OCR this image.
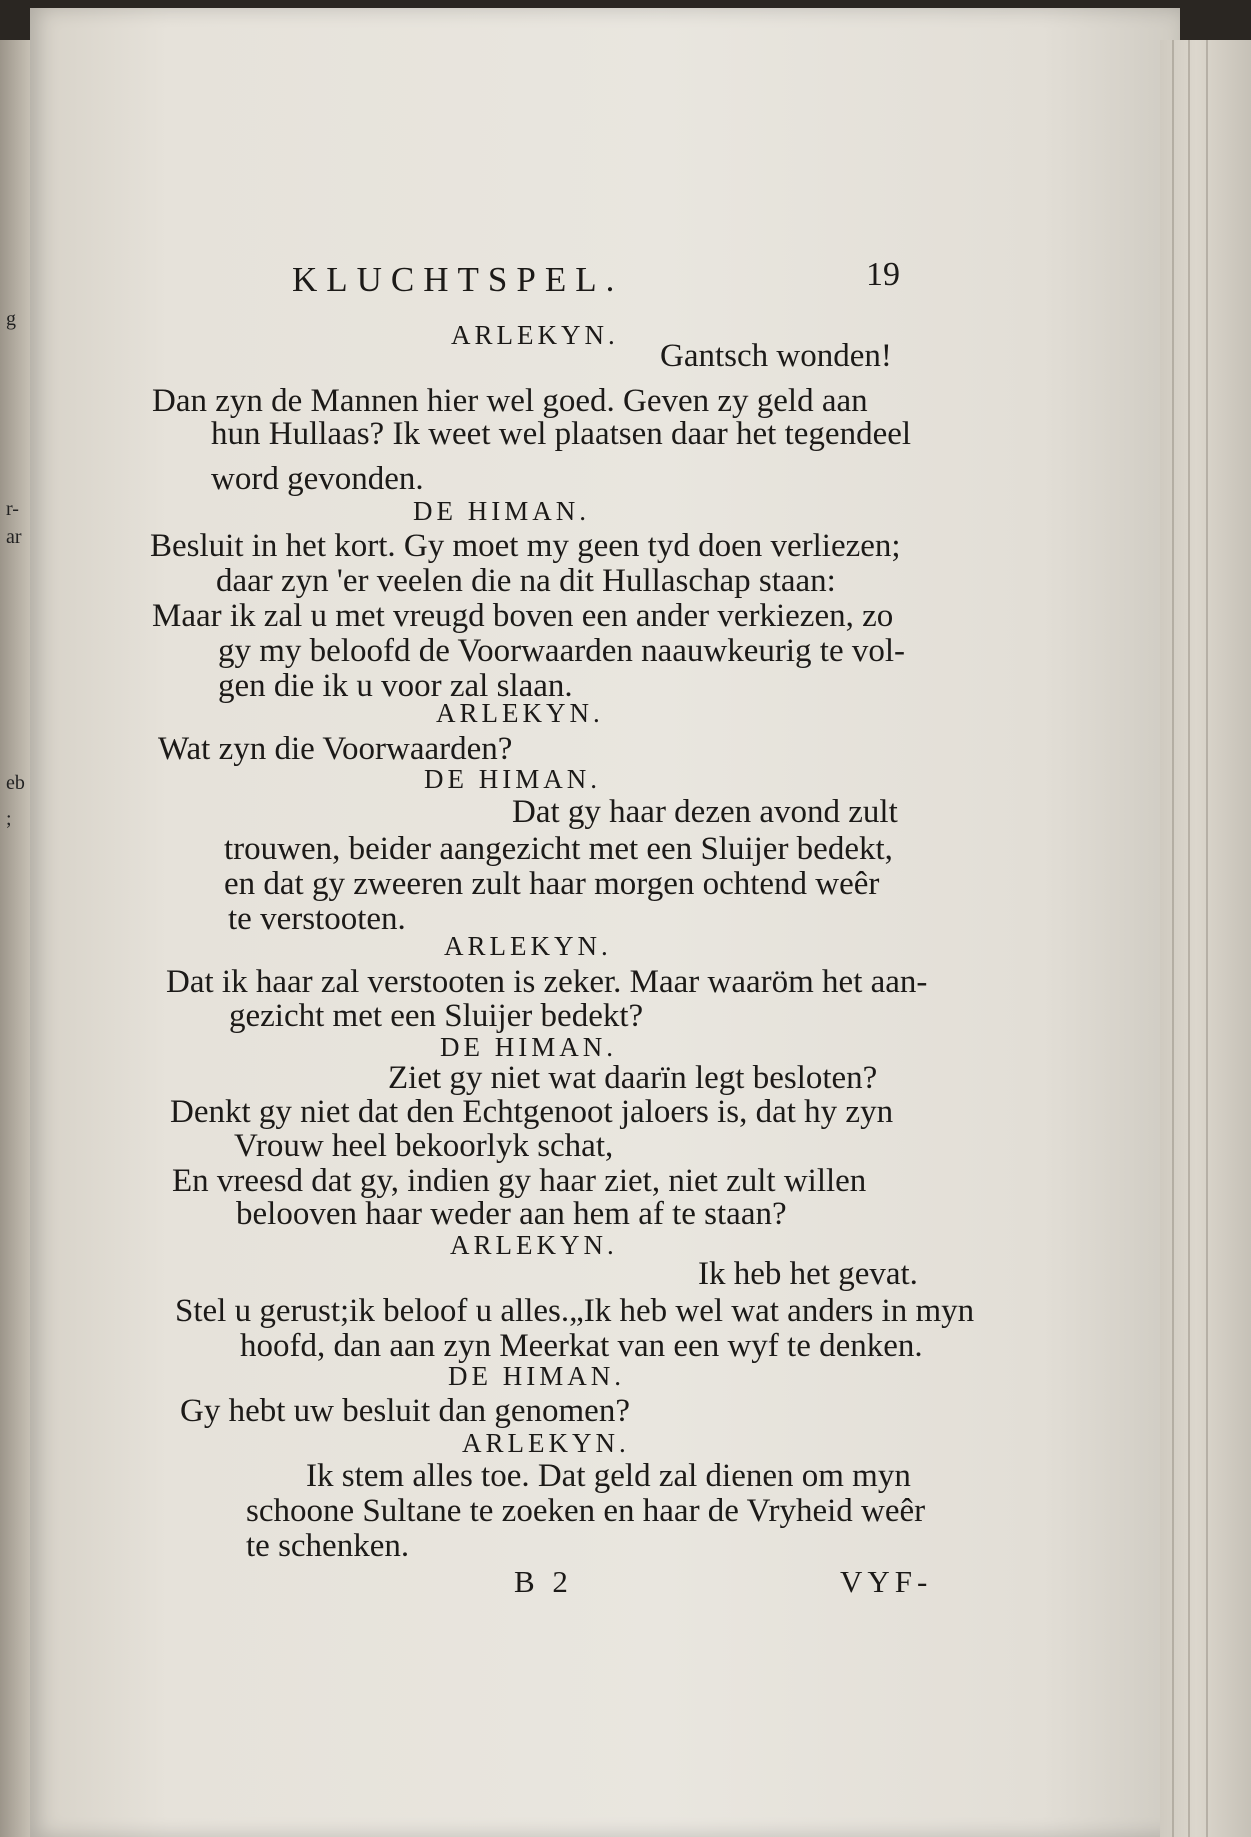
g
r-
ar
eb
;
KLUCHTSPEL.	19
ARLEKYN.
Gantsch wonden!
Dan zyn de Mannen hier wel goed. Geven zy geld aan
hun Hullaas? Ik weet wel plaatsen daar het tegendeel
word gevonden.
DE HIMAN.
Besluit in het kort. Gy moet my geen tyd doen verliezen;
daar zyn 'er veelen die na dit Hullaschap staan:
Maar ik zal u met vreugd boven een ander verkiezen, zo
gy my beloofd de Voorwaarden naauwkeurig te vol-
gen die ik u voor zal slaan.
ARLEKYN.
Wat zyn die Voorwaarden?
DE HIMAN.
Dat gy haar dezen avond zult
trouwen, beider aangezicht met een Sluijer bedekt,
en dat gy zweeren zult haar morgen ochtend weêr
te verstooten.
ARLEKYN.
Dat ik haar zal verstooten is zeker. Maar waaröm het aan-
gezicht met een Sluijer bedekt?
DE HIMAN.
Ziet gy niet wat daarïn legt besloten?
Denkt gy niet dat den Echtgenoot jaloers is, dat hy zyn
Vrouw heel bekoorlyk schat,
En vreesd dat gy, indien gy haar ziet, niet zult willen
belooven haar weder aan hem af te staan?
ARLEKYN.
Ik heb het gevat.
Stel u gerust;ik beloof u alles.„Ik heb wel wat anders in myn
hoofd, dan aan zyn Meerkat van een wyf te denken.
DE HIMAN.
Gy hebt uw besluit dan genomen?
ARLEKYN.
Ik stem alles toe. Dat geld zal dienen om myn
schoone Sultane te zoeken en haar de Vryheid weêr
te schenken.
B 2	VYF-
